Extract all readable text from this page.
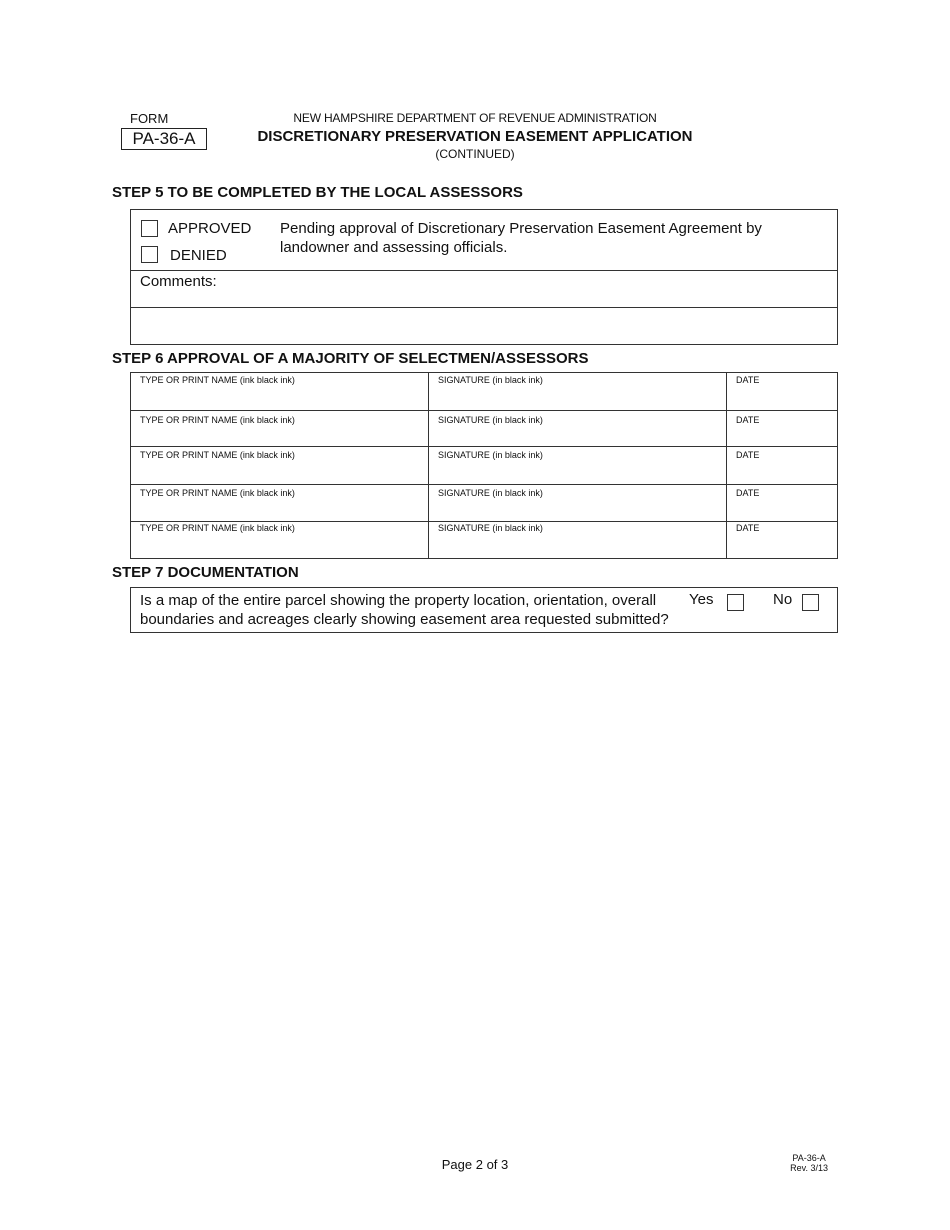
FORM
PA-36-A
NEW HAMPSHIRE DEPARTMENT OF REVENUE ADMINISTRATION
DISCRETIONARY PRESERVATION EASEMENT APPLICATION
(CONTINUED)
STEP 5 TO BE COMPLETED BY THE LOCAL ASSESSORS
APPROVED
DENIED
Pending approval of Discretionary Preservation Easement Agreement by landowner and assessing officials.
Comments:
STEP 6 APPROVAL OF A MAJORITY OF SELECTMEN/ASSESSORS
TYPE OR PRINT NAME (ink black ink)	SIGNATURE (in black ink)	DATE
TYPE OR PRINT NAME (ink black ink)	SIGNATURE (in black ink)	DATE
TYPE OR PRINT NAME (ink black ink)	SIGNATURE (in black ink)	DATE
TYPE OR PRINT NAME (ink black ink)	SIGNATURE (in black ink)	DATE
TYPE OR PRINT NAME (ink black ink)	SIGNATURE (in black ink)	DATE
STEP 7 DOCUMENTATION
Is a map of the entire parcel showing the property location, orientation, overall boundaries and acreages clearly showing easement area requested submitted?
Yes	No
Page 2 of 3	PA-36-A
Rev. 3/13
